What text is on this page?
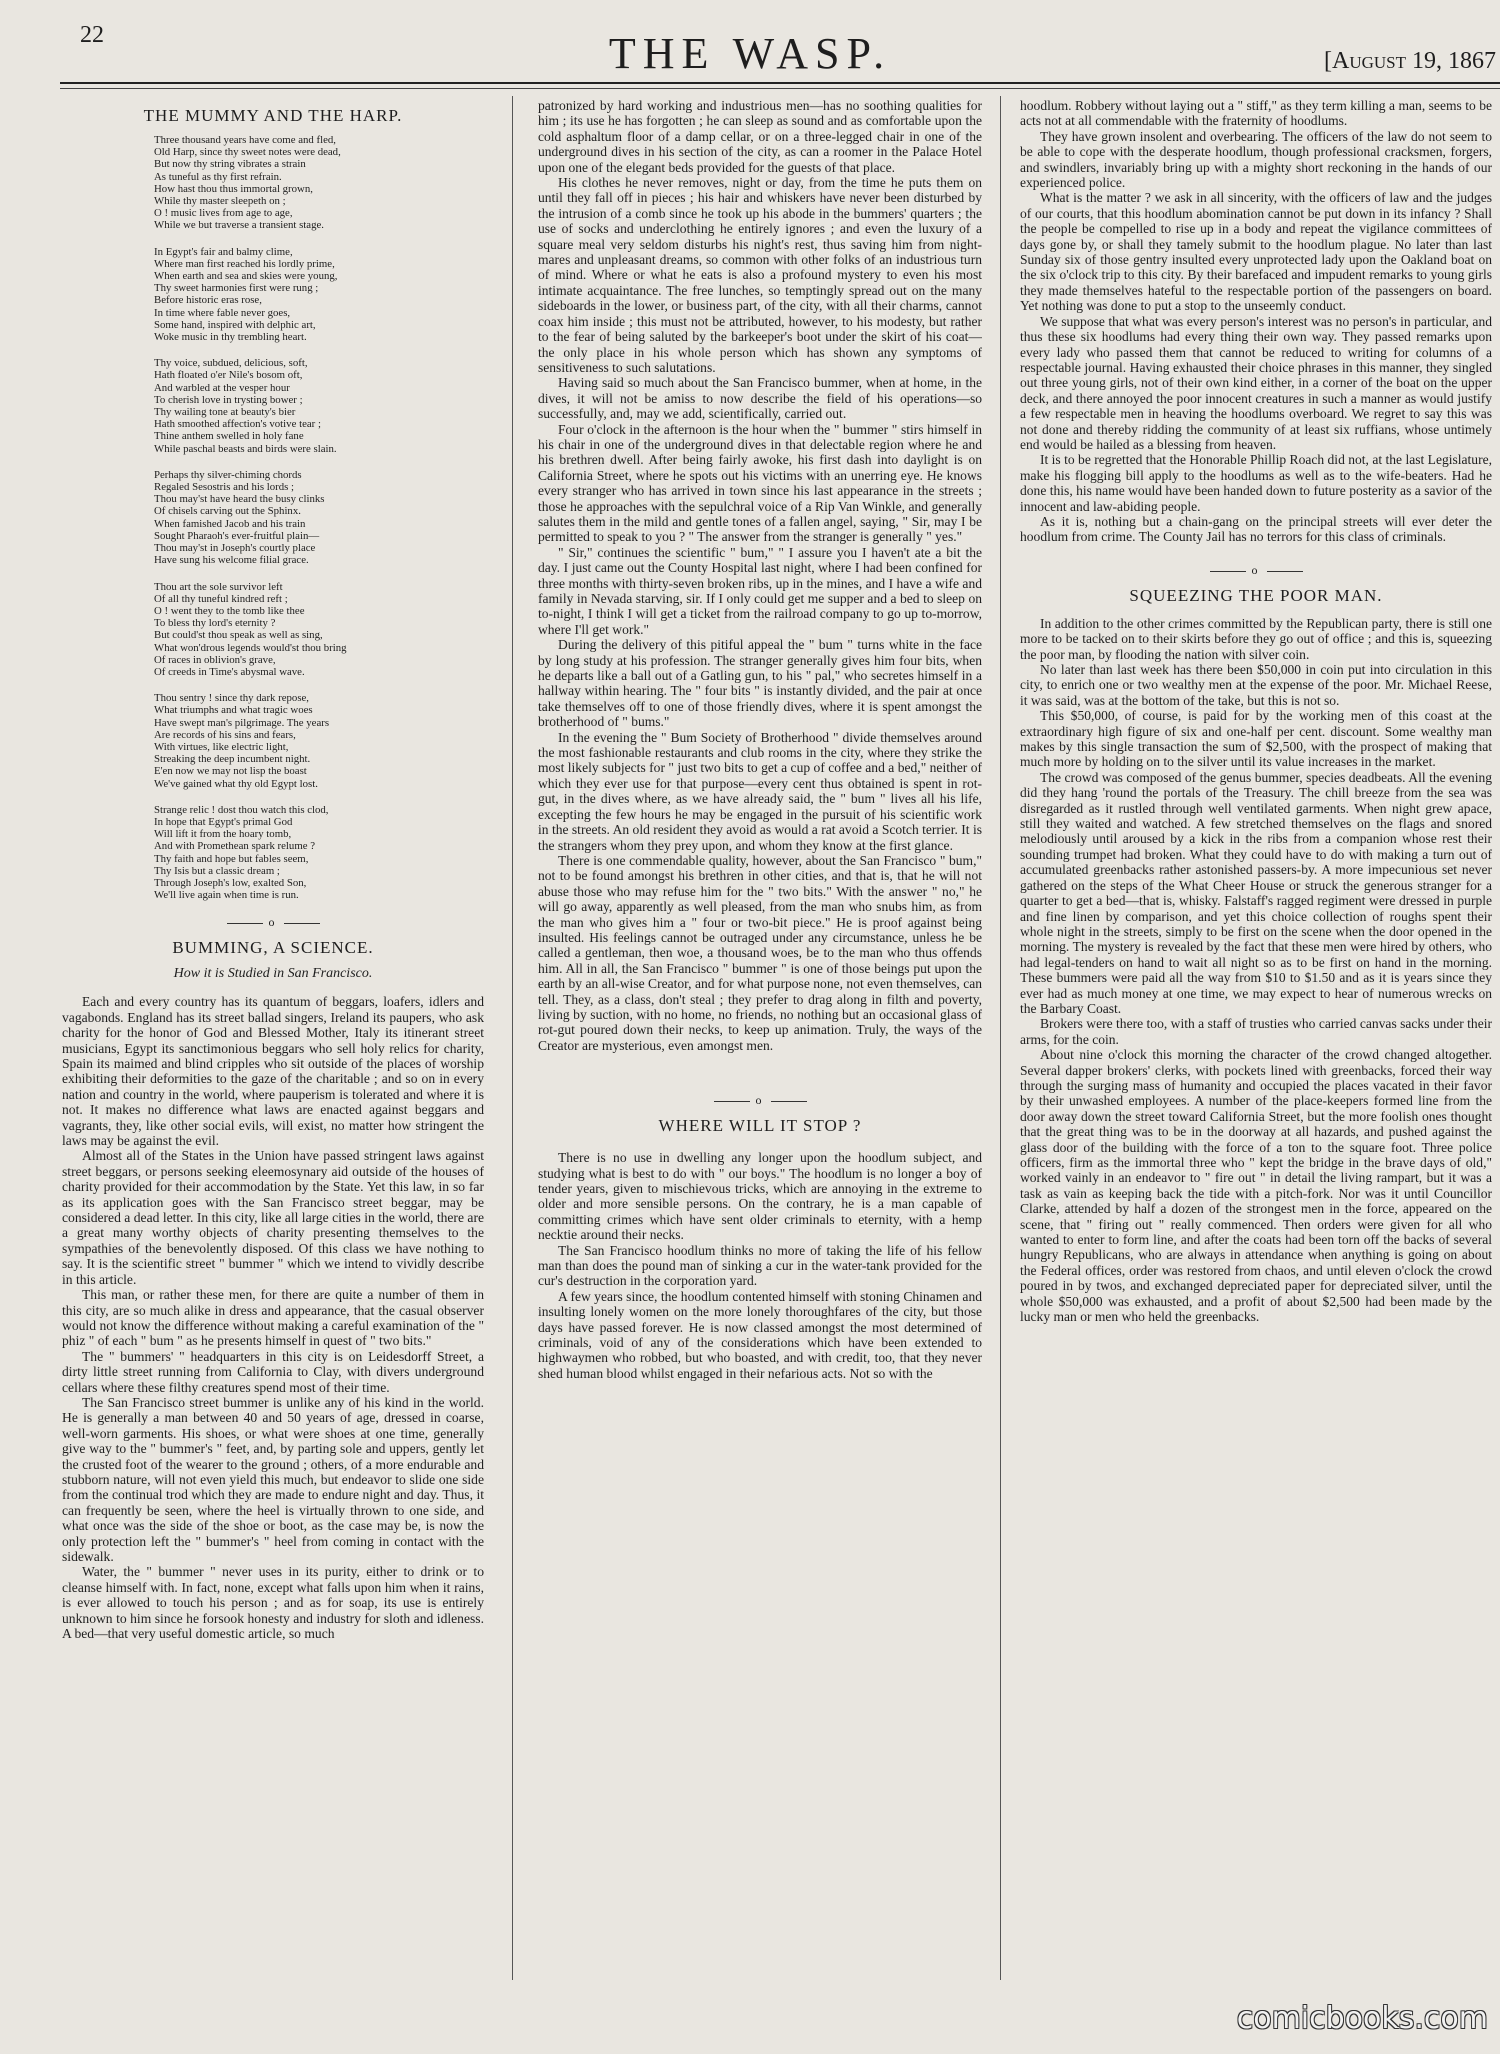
22	THE WASP.	[August 19, 1867
THE MUMMY AND THE HARP.
Three thousand years have come and fled,
Old Harp, since thy sweet notes were dead,
But now thy string vibrates a strain
As tuneful as thy first refrain.
How hast thou thus immortal grown,
While thy master sleepeth on ;
O ! music lives from age to age,
While we but traverse a transient stage.
In Egypt's fair and balmy clime,
Where man first reached his lordly prime,
When earth and sea and skies were young,
Thy sweet harmonies first were rung ;
Before historic eras rose,
In time where fable never goes,
Some hand, inspired with delphic art,
Woke music in thy trembling heart.
Thy voice, subdued, delicious, soft,
Hath floated o'er Nile's bosom oft,
And warbled at the vesper hour
To cherish love in trysting bower ;
Thy wailing tone at beauty's bier
Hath smoothed affection's votive tear ;
Thine anthem swelled in holy fane
While paschal beasts and birds were slain.
Perhaps thy silver-chiming chords
Regaled Sesostris and his lords ;
Thou may'st have heard the busy clinks
Of chisels carving out the Sphinx.
When famished Jacob and his train
Sought Pharaoh's ever-fruitful plain—
Thou may'st in Joseph's courtly place
Have sung his welcome filial grace.
Thou art the sole survivor left
Of all thy tuneful kindred reft ;
O ! went they to the tomb like thee
To bless thy lord's eternity ?
But could'st thou speak as well as sing,
What won'drous legends would'st thou bring
Of races in oblivion's grave,
Of creeds in Time's abysmal wave.
Thou sentry ! since thy dark repose,
What triumphs and what tragic woes
Have swept man's pilgrimage. The years
Are records of his sins and fears,
With virtues, like electric light,
Streaking the deep incumbent night.
E'en now we may not lisp the boast
We've gained what thy old Egypt lost.
Strange relic ! dost thou watch this clod,
In hope that Egypt's primal God
Will lift it from the hoary tomb,
And with Promethean spark relume ?
Thy faith and hope but fables seem,
Thy Isis but a classic dream ;
Through Joseph's low, exalted Son,
We'll live again when time is run.
o
BUMMING, A SCIENCE.
How it is Studied in San Francisco.

Each and every country has its quantum of beggars, loafers, idlers and vagabonds. England has its street ballad singers, Ireland its paupers, who ask charity for the honor of God and Blessed Mother, Italy its itinerant street musicians, Egypt its sanctimonious beggars who sell holy relics for charity, Spain its maimed and blind cripples who sit outside of the places of worship exhibiting their deformities to the gaze of the charitable ; and so on in every nation and country in the world, where pauperism is tolerated and where it is not. It makes no difference what laws are enacted against beggars and vagrants, they, like other social evils, will exist, no matter how stringent the laws may be against the evil.

Almost all of the States in the Union have passed stringent laws against street beggars, or persons seeking eleemosynary aid outside of the houses of charity provided for their accommodation by the State. Yet this law, in so far as its application goes with the San Francisco street beggar, may be considered a dead letter. In this city, like all large cities in the world, there are a great many worthy objects of charity presenting themselves to the sympathies of the benevolently disposed. Of this class we have nothing to say. It is the scientific street " bummer " which we intend to vividly describe in this article.

This man, or rather these men, for there are quite a number of them in this city, are so much alike in dress and appearance, that the casual observer would not know the difference without making a careful examination of the " phiz " of each " bum " as he presents himself in quest of " two bits."

The " bummers' " headquarters in this city is on Leidesdorff Street, a dirty little street running from California to Clay, with divers underground cellars where these filthy creatures spend most of their time.

The San Francisco street bummer is unlike any of his kind in the world. He is generally a man between 40 and 50 years of age, dressed in coarse, well-worn garments. His shoes, or what were shoes at one time, generally give way to the " bummer's " feet, and, by parting sole and uppers, gently let the crusted foot of the wearer to the ground ; others, of a more endurable and stubborn nature, will not even yield this much, but endeavor to slide one side from the continual trod which they are made to endure night and day. Thus, it can frequently be seen, where the heel is virtually thrown to one side, and what once was the side of the shoe or boot, as the case may be, is now the only protection left the " bummer's " heel from coming in contact with the sidewalk.

Water, the " bummer " never uses in its purity, either to drink or to cleanse himself with. In fact, none, except what falls upon him when it rains, is ever allowed to touch his person ; and as for soap, its use is entirely unknown to him since he forsook honesty and industry for sloth and idleness. A bed—that very useful domestic article, so much

patronized by hard working and industrious men—has no soothing qualities for him ; its use he has forgotten ; he can sleep as sound and as comfortable upon the cold asphaltum floor of a damp cellar, or on a three-legged chair in one of the underground dives in his section of the city, as can a roomer in the Palace Hotel upon one of the elegant beds provided for the guests of that place.

His clothes he never removes, night or day, from the time he puts them on until they fall off in pieces ; his hair and whiskers have never been disturbed by the intrusion of a comb since he took up his abode in the bummers' quarters ; the use of socks and underclothing he entirely ignores ; and even the luxury of a square meal very seldom disturbs his night's rest, thus saving him from night-mares and unpleasant dreams, so common with other folks of an industrious turn of mind. Where or what he eats is also a profound mystery to even his most intimate acquaintance. The free lunches, so temptingly spread out on the many sideboards in the lower, or business part, of the city, with all their charms, cannot coax him inside ; this must not be attributed, however, to his modesty, but rather to the fear of being saluted by the barkeeper's boot under the skirt of his coat—the only place in his whole person which has shown any symptoms of sensitiveness to such salutations.

Having said so much about the San Francisco bummer, when at home, in the dives, it will not be amiss to now describe the field of his operations—so successfully, and, may we add, scientifically, carried out.

Four o'clock in the afternoon is the hour when the " bummer " stirs himself in his chair in one of the underground dives in that delectable region where he and his brethren dwell. After being fairly awoke, his first dash into daylight is on California Street, where he spots out his victims with an unerring eye. He knows every stranger who has arrived in town since his last appearance in the streets ; those he approaches with the sepulchral voice of a Rip Van Winkle, and generally salutes them in the mild and gentle tones of a fallen angel, saying, " Sir, may I be permitted to speak to you ? " The answer from the stranger is generally " yes."

" Sir," continues the scientific " bum," " I assure you I haven't ate a bit the day. I just came out the County Hospital last night, where I had been confined for three months with thirty-seven broken ribs, up in the mines, and I have a wife and family in Nevada starving, sir. If I only could get me supper and a bed to sleep on to-night, I think I will get a ticket from the railroad company to go up to-morrow, where I'll get work."

During the delivery of this pitiful appeal the " bum " turns white in the face by long study at his profession. The stranger generally gives him four bits, when he departs like a ball out of a Gatling gun, to his " pal," who secretes himself in a hallway within hearing. The " four bits " is instantly divided, and the pair at once take themselves off to one of those friendly dives, where it is spent amongst the brotherhood of " bums."

In the evening the " Bum Society of Brotherhood " divide themselves around the most fashionable restaurants and club rooms in the city, where they strike the most likely subjects for " just two bits to get a cup of coffee and a bed," neither of which they ever use for that purpose—every cent thus obtained is spent in rot-gut, in the dives where, as we have already said, the " bum " lives all his life, excepting the few hours he may be engaged in the pursuit of his scientific work in the streets. An old resident they avoid as would a rat avoid a Scotch terrier. It is the strangers whom they prey upon, and whom they know at the first glance.

There is one commendable quality, however, about the San Francisco " bum," not to be found amongst his brethren in other cities, and that is, that he will not abuse those who may refuse him for the " two bits." With the answer " no," he will go away, apparently as well pleased, from the man who snubs him, as from the man who gives him a " four or two-bit piece." He is proof against being insulted. His feelings cannot be outraged under any circumstance, unless he be called a gentleman, then woe, a thousand woes, be to the man who thus offends him. All in all, the San Francisco " bummer " is one of those beings put upon the earth by an all-wise Creator, and for what purpose none, not even themselves, can tell. They, as a class, don't steal ; they prefer to drag along in filth and poverty, living by suction, with no home, no friends, no nothing but an occasional glass of rot-gut poured down their necks, to keep up animation. Truly, the ways of the Creator are mysterious, even amongst men.

o
WHERE WILL IT STOP ?

There is no use in dwelling any longer upon the hoodlum subject, and studying what is best to do with " our boys." The hoodlum is no longer a boy of tender years, given to mischievous tricks, which are annoying in the extreme to older and more sensible persons. On the contrary, he is a man capable of committing crimes which have sent older criminals to eternity, with a hemp necktie around their necks.

The San Francisco hoodlum thinks no more of taking the life of his fellow man than does the pound man of sinking a cur in the water-tank provided for the cur's destruction in the corporation yard.

A few years since, the hoodlum contented himself with stoning Chinamen and insulting lonely women on the more lonely thoroughfares of the city, but those days have passed forever. He is now classed amongst the most determined of criminals, void of any of the considerations which have been extended to highwaymen who robbed, but who boasted, and with credit, too, that they never shed human blood whilst engaged in their nefarious acts. Not so with the

hoodlum. Robbery without laying out a " stiff," as they term killing a man, seems to be acts not at all commendable with the fraternity of hoodlums.

They have grown insolent and overbearing. The officers of the law do not seem to be able to cope with the desperate hoodlum, though professional cracksmen, forgers, and swindlers, invariably bring up with a mighty short reckoning in the hands of our experienced police.

What is the matter ? we ask in all sincerity, with the officers of law and the judges of our courts, that this hoodlum abomination cannot be put down in its infancy ? Shall the people be compelled to rise up in a body and repeat the vigilance committees of days gone by, or shall they tamely submit to the hoodlum plague. No later than last Sunday six of those gentry insulted every unprotected lady upon the Oakland boat on the six o'clock trip to this city. By their barefaced and impudent remarks to young girls they made themselves hateful to the respectable portion of the passengers on board. Yet nothing was done to put a stop to the unseemly conduct.

We suppose that what was every person's interest was no person's in particular, and thus these six hoodlums had every thing their own way. They passed remarks upon every lady who passed them that cannot be reduced to writing for columns of a respectable journal. Having exhausted their choice phrases in this manner, they singled out three young girls, not of their own kind either, in a corner of the boat on the upper deck, and there annoyed the poor innocent creatures in such a manner as would justify a few respectable men in heaving the hoodlums overboard. We regret to say this was not done and thereby ridding the community of at least six ruffians, whose untimely end would be hailed as a blessing from heaven.

It is to be regretted that the Honorable Phillip Roach did not, at the last Legislature, make his flogging bill apply to the hoodlums as well as to the wife-beaters. Had he done this, his name would have been handed down to future posterity as a savior of the innocent and law-abiding people.

As it is, nothing but a chain-gang on the principal streets will ever deter the hoodlum from crime. The County Jail has no terrors for this class of criminals.

o
SQUEEZING THE POOR MAN.

In addition to the other crimes committed by the Republican party, there is still one more to be tacked on to their skirts before they go out of office ; and this is, squeezing the poor man, by flooding the nation with silver coin.

No later than last week has there been $50,000 in coin put into circulation in this city, to enrich one or two wealthy men at the expense of the poor. Mr. Michael Reese, it was said, was at the bottom of the take, but this is not so.

This $50,000, of course, is paid for by the working men of this coast at the extraordinary high figure of six and one-half per cent. discount. Some wealthy man makes by this single transaction the sum of $2,500, with the prospect of making that much more by holding on to the silver until its value increases in the market.

The crowd was composed of the genus bummer, species deadbeats. All the evening did they hang 'round the portals of the Treasury. The chill breeze from the sea was disregarded as it rustled through well ventilated garments. When night grew apace, still they waited and watched. A few stretched themselves on the flags and snored melodiously until aroused by a kick in the ribs from a companion whose rest their sounding trumpet had broken. What they could have to do with making a turn out of accumulated greenbacks rather astonished passers-by. A more impecunious set never gathered on the steps of the What Cheer House or struck the generous stranger for a quarter to get a bed—that is, whisky. Falstaff's ragged regiment were dressed in purple and fine linen by comparison, and yet this choice collection of roughs spent their whole night in the streets, simply to be first on the scene when the door opened in the morning. The mystery is revealed by the fact that these men were hired by others, who had legal-tenders on hand to wait all night so as to be first on hand in the morning. These bummers were paid all the way from $10 to $1.50 and as it is years since they ever had as much money at one time, we may expect to hear of numerous wrecks on the Barbary Coast.

Brokers were there too, with a staff of trusties who carried canvas sacks under their arms, for the coin.

About nine o'clock this morning the character of the crowd changed altogether. Several dapper brokers' clerks, with pockets lined with greenbacks, forced their way through the surging mass of humanity and occupied the places vacated in their favor by their unwashed employees. A number of the place-keepers formed line from the door away down the street toward California Street, but the more foolish ones thought that the great thing was to be in the doorway at all hazards, and pushed against the glass door of the building with the force of a ton to the square foot. Three police officers, firm as the immortal three who " kept the bridge in the brave days of old," worked vainly in an endeavor to " fire out " in detail the living rampart, but it was a task as vain as keeping back the tide with a pitch-fork. Nor was it until Councillor Clarke, attended by half a dozen of the strongest men in the force, appeared on the scene, that " firing out " really commenced. Then orders were given for all who wanted to enter to form line, and after the coats had been torn off the backs of several hungry Republicans, who are always in attendance when anything is going on about the Federal offices, order was restored from chaos, and until eleven o'clock the crowd poured in by twos, and exchanged depreciated paper for depreciated silver, until the whole $50,000 was exhausted, and a profit of about $2,500 had been made by the lucky man or men who held the greenbacks.

comicbooks.com
